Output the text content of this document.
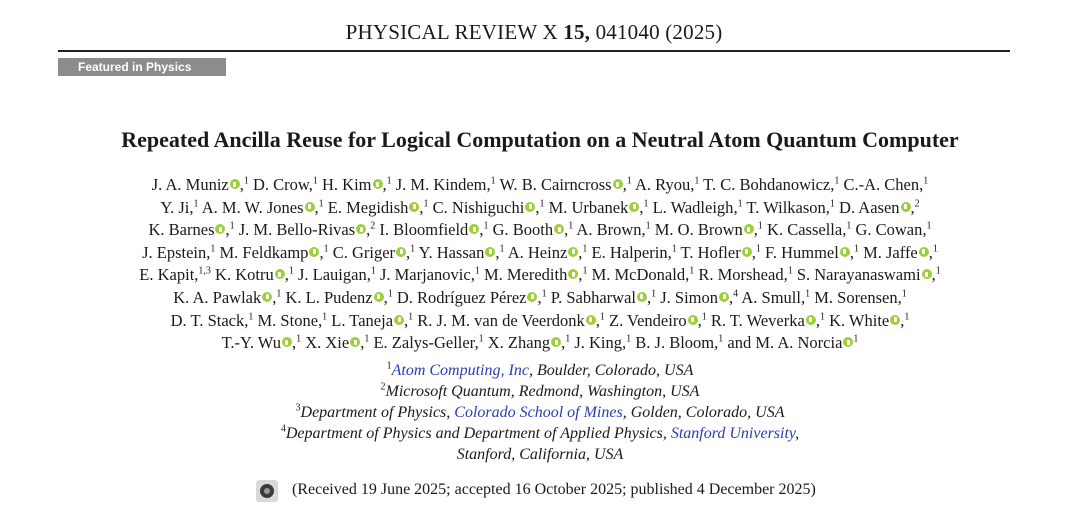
PHYSICAL REVIEW X 15, 041040 (2025)
Featured in Physics
Repeated Ancilla Reuse for Logical Computation on a Neutral Atom Quantum Computer
J. A. Muniz ,$^1$ D. Crow,$^1$ H. Kim ,$^1$ J. M. Kindem,$^1$ W. B. Cairncross ,$^1$ A. Ryou,$^1$ T. C. Bohdanowicz,$^1$ C.-A. Chen,$^1$
Y. Ji,$^1$ A. M. W. Jones ,$^1$ E. Megidish ,$^1$ C. Nishiguchi ,$^1$ M. Urbanek ,$^1$ L. Wadleigh,$^1$ T. Wilkason,$^1$ D. Aasen ,$^2$
K. Barnes ,$^1$ J. M. Bello-Rivas ,$^2$ I. Bloomfield ,$^1$ G. Booth ,$^1$ A. Brown,$^1$ M. O. Brown ,$^1$ K. Cassella,$^1$ G. Cowan,$^1$
J. Epstein,$^1$ M. Feldkamp ,$^1$ C. Griger ,$^1$ Y. Hassan ,$^1$ A. Heinz ,$^1$ E. Halperin,$^1$ T. Hofler ,$^1$ F. Hummel ,$^1$ M. Jaffe ,$^1$
E. Kapit,$^{1,3}$ K. Kotru ,$^1$ J. Lauigan,$^1$ J. Marjanovic,$^1$ M. Meredith ,$^1$ M. McDonald,$^1$ R. Morshead,$^1$ S. Narayanaswami ,$^1$
K. A. Pawlak ,$^1$ K. L. Pudenz ,$^1$ D. Rodríguez Pérez ,$^1$ P. Sabharwal ,$^1$ J. Simon ,$^4$ A. Smull,$^1$ M. Sorensen,$^1$
D. T. Stack,$^1$ M. Stone,$^1$ L. Taneja ,$^1$ R. J. M. van de Veerdonk ,$^1$ Z. Vendeiro ,$^1$ R. T. Weverka ,$^1$ K. White ,$^1$
T.-Y. Wu ,$^1$ X. Xie ,$^1$ E. Zalys-Geller,$^1$ X. Zhang ,$^1$ J. King,$^1$ B. J. Bloom,$^1$ and M. A. Norcia $^1$
$^1$Atom Computing, Inc, Boulder, Colorado, USA
$^2$Microsoft Quantum, Redmond, Washington, USA
$^3$Department of Physics, Colorado School of Mines, Golden, Colorado, USA
$^4$Department of Physics and Department of Applied Physics, Stanford University,
Stanford, California, USA
(Received 19 June 2025; accepted 16 October 2025; published 4 December 2025)
